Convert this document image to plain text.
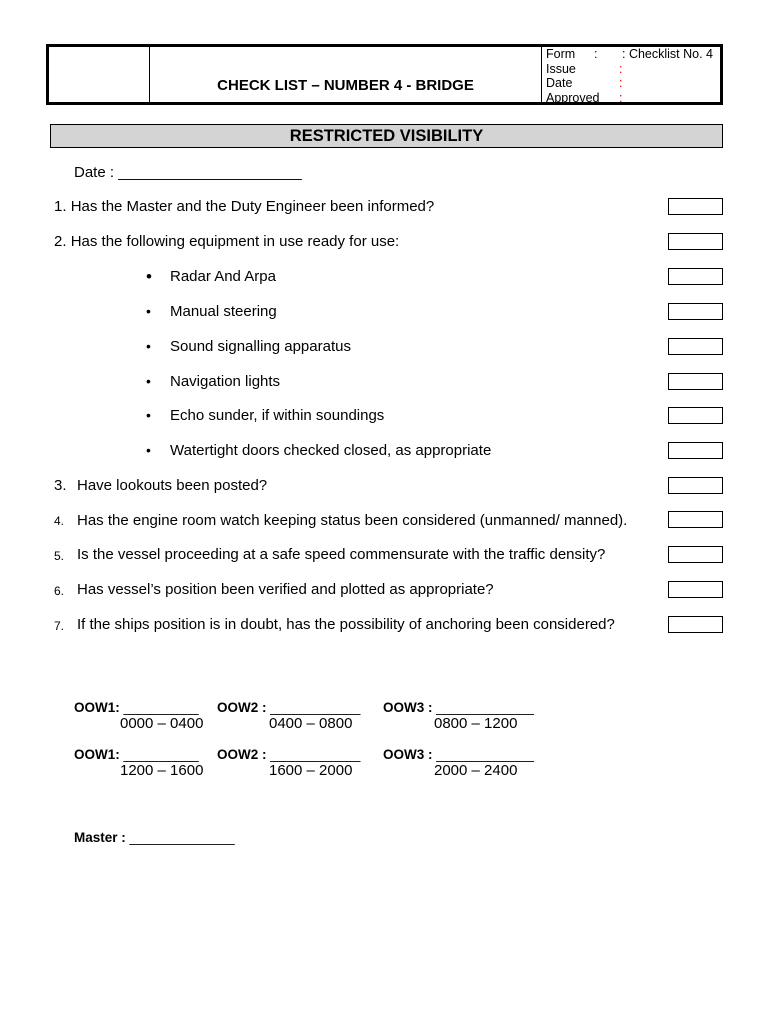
CHECK LIST – NUMBER 4 - BRIDGE
Form : : Checklist No. 4
Issue	:
Date	:
Approved :
RESTRICTED VISIBILITY
Date : ______________________
1. Has the Master and the Duty Engineer been informed?
2. Has the following equipment in use ready for use:
• Radar And Arpa
• Manual steering
• Sound signalling apparatus
• Navigation lights
• Echo sunder, if within soundings
• Watertight doors checked closed, as appropriate
3. Have lookouts been posted?
4. Has the engine room watch keeping status been considered (unmanned/ manned).
5. Is the vessel proceeding at a safe speed commensurate with the traffic density?
6. Has vessel’s position been verified and plotted as appropriate?
7. If the ships position is in doubt, has the possibility of anchoring been considered?
OOW1: __________ OOW2 : ____________ OOW3 : _____________
0000 – 0400	0400 – 0800	0800 – 1200
OOW1: __________ OOW2 : ____________ OOW3 : _____________
1200 – 1600	1600 – 2000	2000 – 2400
Master : ______________
